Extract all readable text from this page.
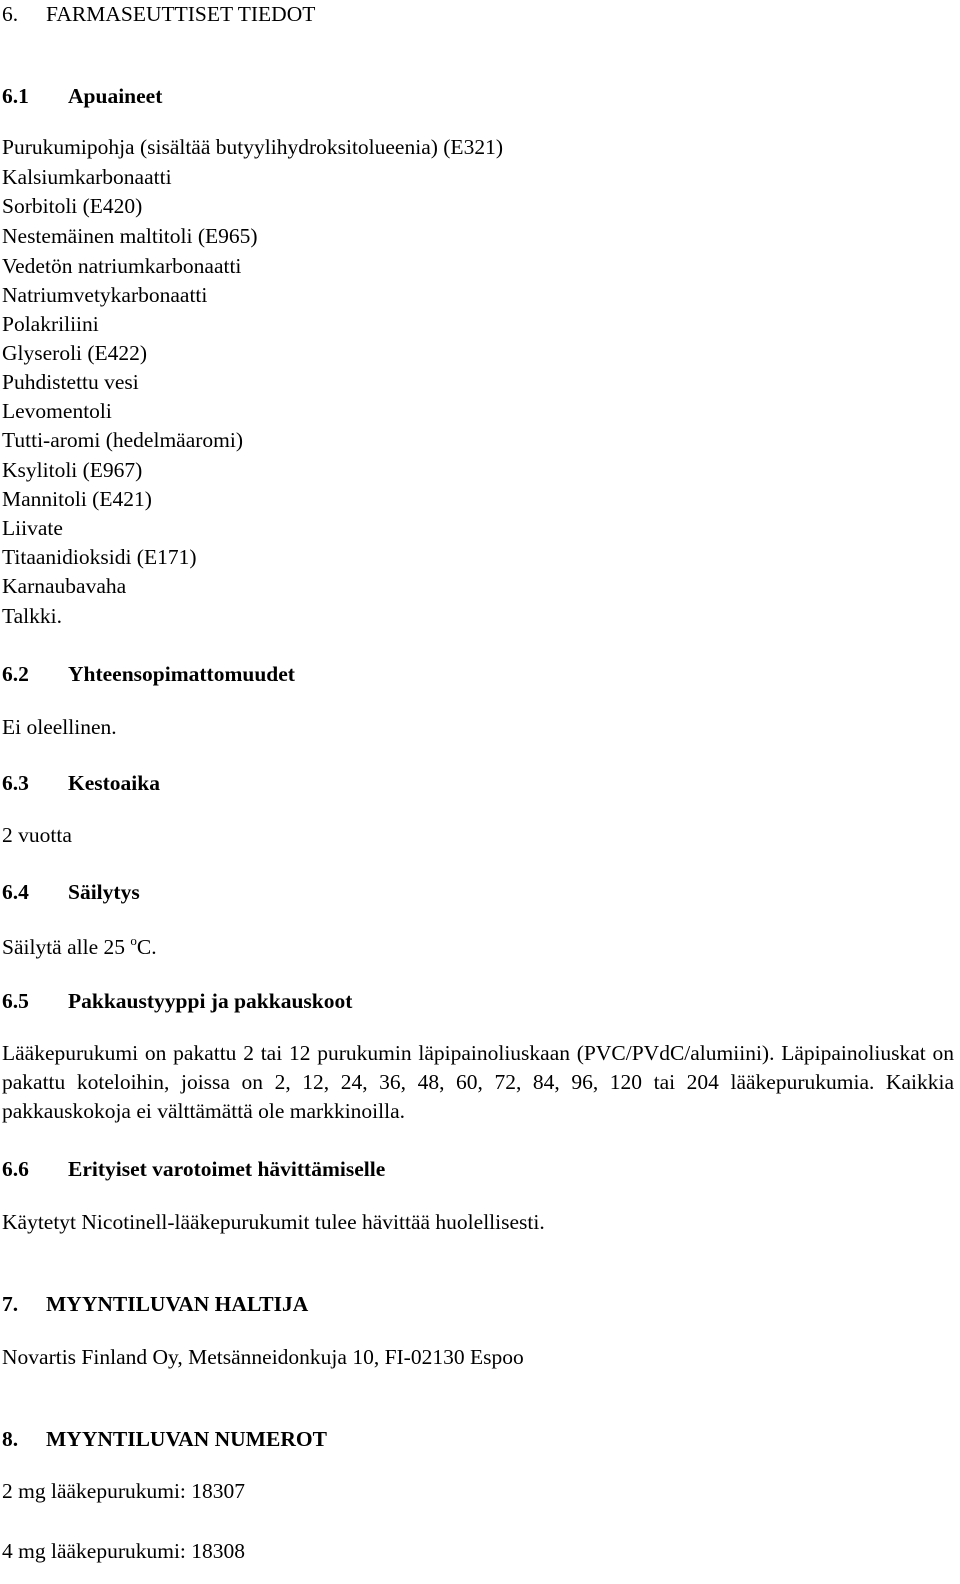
6. FARMASEUTTISET TIEDOT
6.1 Apuaineet
Purukumipohja (sisältää butyylihydroksitolueenia) (E321)
Kalsiumkarbonaatti
Sorbitoli (E420)
Nestemäinen maltitoli (E965)
Vedetön natriumkarbonaatti
Natriumvetykarbonaatti
Polakriliini
Glyseroli (E422)
Puhdistettu vesi
Levomentoli
Tutti-aromi (hedelmäaromi)
Ksylitoli (E967)
Mannitoli (E421)
Liivate
Titaanidioksidi (E171)
Karnaubavaha
Talkki.
6.2 Yhteensopimattomuudet
Ei oleellinen.
6.3 Kestoaika
2 vuotta
6.4 Säilytys
Säilytä alle 25 $^o$C.
6.5 Pakkaustyyppi ja pakkauskoot
Lääkepurukumi on pakattu 2 tai 12 purukumin läpipainoliuskaan (PVC/PVdC/alumiini). Läpipainoliuskat on pakattu koteloihin, joissa on 2, 12, 24, 36, 48, 60, 72, 84, 96, 120 tai 204 lääkepurukumia. Kaikkia pakkauskokoja ei välttämättä ole markkinoilla.
6.6 Erityiset varotoimet hävittämiselle
Käytetyt Nicotinell-lääkepurukumit tulee hävittää huolellisesti.
7. MYYNTILUVAN HALTIJA
Novartis Finland Oy, Metsänneidonkuja 10, FI-02130 Espoo
8. MYYNTILUVAN NUMEROT
2 mg lääkepurukumi: 18307
4 mg lääkepurukumi: 18308
